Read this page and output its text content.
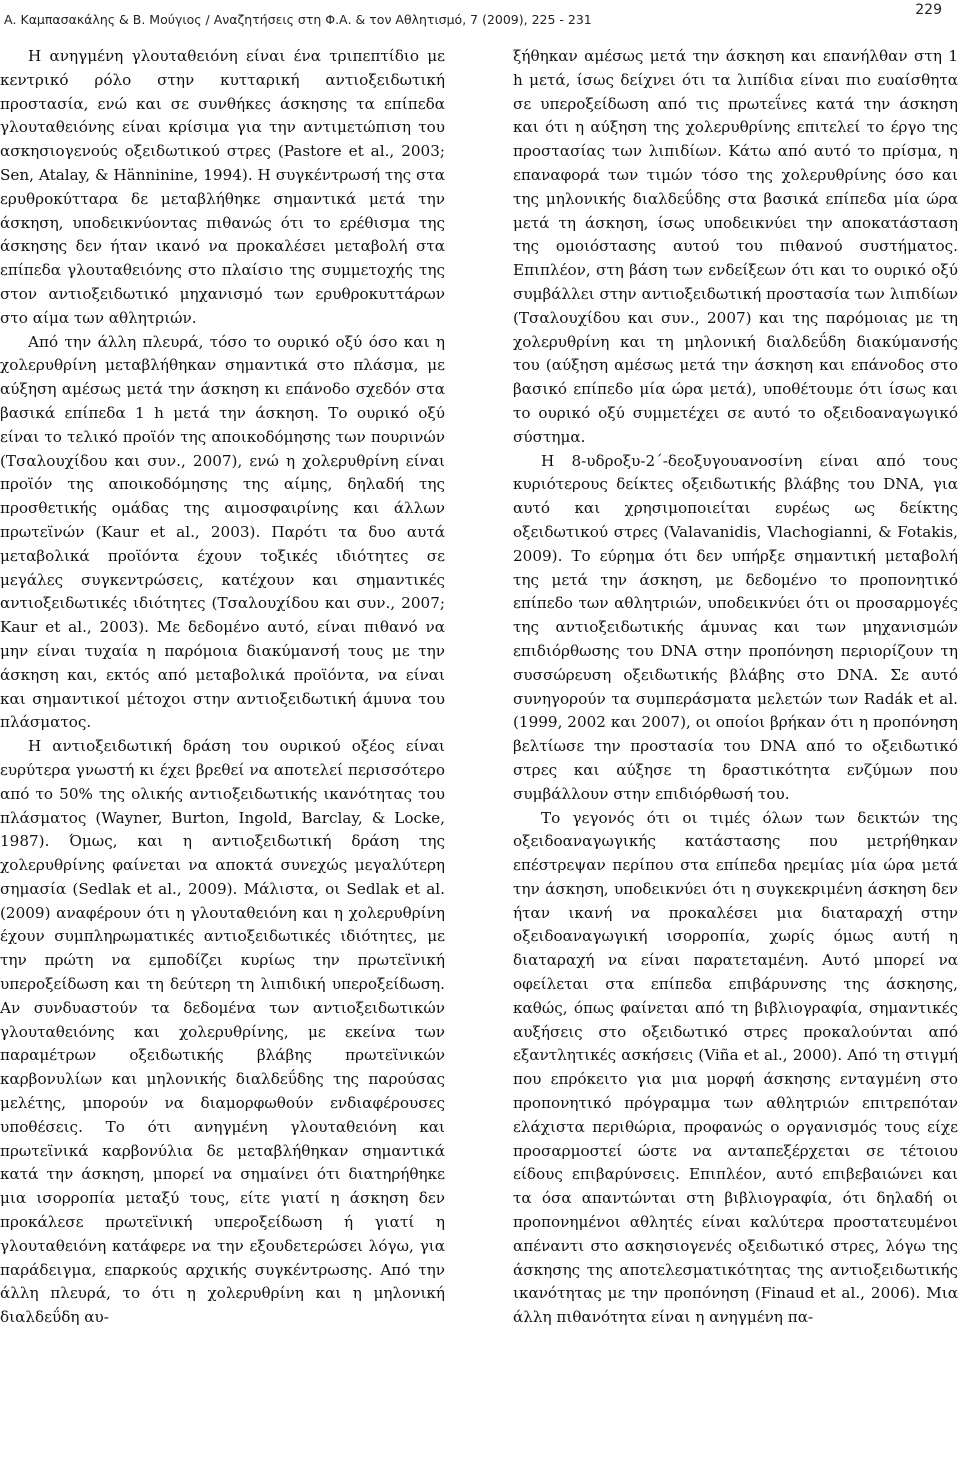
Α. Καμπασακάλης & Β. Μούγιος / Αναζητήσεις στη Φ.Α. & τον Αθλητισμό, 7 (2009), 225 - 231
229

Η ανηγμένη γλουταθειόνη είναι ένα τριπεπτίδιο με κεντρικό ρόλο στην κυτταρική αντιοξειδωτική προστασία, ενώ και σε συνθήκες άσκησης τα επίπεδα γλουταθειόνης είναι κρίσιμα για την αντιμετώπιση του ασκησιογενούς οξειδωτικού στρες (Pastore et al., 2003; Sen, Atalay, & Hänninine, 1994). Η συγκέντρωσή της στα ερυθροκύτταρα δε μεταβλήθηκε σημαντικά μετά την άσκηση, υποδεικνύοντας πιθανώς ότι το ερέθισμα της άσκησης δεν ήταν ικανό να προκαλέσει μεταβολή στα επίπεδα γλουταθειόνης στο πλαίσιο της συμμετοχής της στον αντιοξειδωτικό μηχανισμό των ερυθροκυττάρων στο αίμα των αθλητριών.

Από την άλλη πλευρά, τόσο το ουρικό οξύ όσο και η χολερυθρίνη μεταβλήθηκαν σημαντικά στο πλάσμα, με αύξηση αμέσως μετά την άσκηση κι επάνοδο σχεδόν στα βασικά επίπεδα 1 h μετά την άσκηση. Το ουρικό οξύ είναι το τελικό προϊόν της αποικοδόμησης των πουρινών (Τσαλουχίδου και συν., 2007), ενώ η χολερυθρίνη είναι προϊόν της αποικοδόμησης της αίμης, δηλαδή της προσθετικής ομάδας της αιμοσφαιρίνης και άλλων πρωτεϊνών (Kaur et al., 2003). Παρότι τα δυο αυτά μεταβολικά προϊόντα έχουν τοξικές ιδιότητες σε μεγάλες συγκεντρώσεις, κατέχουν και σημαντικές αντιοξειδωτικές ιδιότητες (Τσαλουχίδου και συν., 2007; Kaur et al., 2003). Με δεδομένο αυτό, είναι πιθανό να μην είναι τυχαία η παρόμοια διακύμανσή τους με την άσκηση και, εκτός από μεταβολικά προϊόντα, να είναι και σημαντικοί μέτοχοι στην αντιοξειδωτική άμυνα του πλάσματος.

Η αντιοξειδωτική δράση του ουρικού οξέος είναι ευρύτερα γνωστή κι έχει βρεθεί να αποτελεί περισσότερο από το 50% της ολικής αντιοξειδωτικής ικανότητας του πλάσματος (Wayner, Burton, Ingold, Barclay, & Locke, 1987). Όμως, και η αντιοξειδωτική δράση της χολερυθρίνης φαίνεται να αποκτά συνεχώς μεγαλύτερη σημασία (Sedlak et al., 2009). Μάλιστα, οι Sedlak et al. (2009) αναφέρουν ότι η γλουταθειόνη και η χολερυθρίνη έχουν συμπληρωματικές αντιοξειδωτικές ιδιότητες, με την πρώτη να εμποδίζει κυρίως την πρωτεϊνική υπεροξείδωση και τη δεύτερη τη λιπιδική υπεροξείδωση. Αν συνδυαστούν τα δεδομένα των αντιοξειδωτικών γλουταθειόνης και χολερυθρίνης, με εκείνα των παραμέτρων οξειδωτικής βλάβης πρωτεϊνικών καρβονυλίων και μηλονικής διαλδεΰδης της παρούσας μελέτης, μπορούν να διαμορφωθούν ενδιαφέρουσες υποθέσεις. Το ότι ανηγμένη γλουταθειόνη και πρωτεϊνικά καρβονύλια δε μεταβλήθηκαν σημαντικά κατά την άσκηση, μπορεί να σημαίνει ότι διατηρήθηκε μια ισορροπία μεταξύ τους, είτε γιατί η άσκηση δεν προκάλεσε πρωτεϊνική υπεροξείδωση ή γιατί η γλουταθειόνη κατάφερε να την εξουδετερώσει λόγω, για παράδειγμα, επαρκούς αρχικής συγκέντρωσης. Από την άλλη πλευρά, το ότι η χολερυθρίνη και η μηλονική διαλδεΰδη αυ-

ξήθηκαν αμέσως μετά την άσκηση και επανήλθαν στη 1 h μετά, ίσως δείχνει ότι τα λιπίδια είναι πιο ευαίσθητα σε υπεροξείδωση από τις πρωτεΐνες κατά την άσκηση και ότι η αύξηση της χολερυθρίνης επιτελεί το έργο της προστασίας των λιπιδίων. Κάτω από αυτό το πρίσμα, η επαναφορά των τιμών τόσο της χολερυθρίνης όσο και της μηλονικής διαλδεΰδης στα βασικά επίπεδα μία ώρα μετά τη άσκηση, ίσως υποδεικνύει την αποκατάσταση της ομοιόστασης αυτού του πιθανού συστήματος. Επιπλέον, στη βάση των ενδείξεων ότι και το ουρικό οξύ συμβάλλει στην αντιοξειδωτική προστασία των λιπιδίων (Τσαλουχίδου και συν., 2007) και της παρόμοιας με τη χολερυθρίνη και τη μηλονική διαλδεΰδη διακύμανσής του (αύξηση αμέσως μετά την άσκηση και επάνοδος στο βασικό επίπεδο μία ώρα μετά), υποθέτουμε ότι ίσως και το ουρικό οξύ συμμετέχει σε αυτό το οξειδοαναγωγικό σύστημα.

Η 8-υδροξυ-2΄-δεοξυγουανοσίνη είναι από τους κυριότερους δείκτες οξειδωτικής βλάβης του DNA, για αυτό και χρησιμοποιείται ευρέως ως δείκτης οξειδωτικού στρες (Valavanidis, Vlachogianni, & Fotakis, 2009). Το εύρημα ότι δεν υπήρξε σημαντική μεταβολή της μετά την άσκηση, με δεδομένο το προπονητικό επίπεδο των αθλητριών, υποδεικνύει ότι οι προσαρμογές της αντιοξειδωτικής άμυνας και των μηχανισμών επιδιόρθωσης του DNA στην προπόνηση περιορίζουν τη συσσώρευση οξειδωτικής βλάβης στο DNA. Σε αυτό συνηγορούν τα συμπεράσματα μελετών των Radák et al. (1999, 2002 και 2007), οι οποίοι βρήκαν ότι η προπόνηση βελτίωσε την προστασία του DNA από το οξειδωτικό στρες και αύξησε τη δραστικότητα ενζύμων που συμβάλλουν στην επιδιόρθωσή του.

Το γεγονός ότι οι τιμές όλων των δεικτών της οξειδοαναγωγικής κατάστασης που μετρήθηκαν επέστρεψαν περίπου στα επίπεδα ηρεμίας μία ώρα μετά την άσκηση, υποδεικνύει ότι η συγκεκριμένη άσκηση δεν ήταν ικανή να προκαλέσει μια διαταραχή στην οξειδοαναγωγική ισορροπία, χωρίς όμως αυτή η διαταραχή να είναι παρατεταμένη. Αυτό μπορεί να οφείλεται στα επίπεδα επιβάρυνσης της άσκησης, καθώς, όπως φαίνεται από τη βιβλιογραφία, σημαντικές αυξήσεις στο οξειδωτικό στρες προκαλούνται από εξαντλητικές ασκήσεις (Viña et al., 2000). Από τη στιγμή που επρόκειτο για μια μορφή άσκησης ενταγμένη στο προπονητικό πρόγραμμα των αθλητριών επιτρεπόταν ελάχιστα περιθώρια, προφανώς ο οργανισμός τους είχε προσαρμοστεί ώστε να ανταπεξέρχεται σε τέτοιου είδους επιβαρύνσεις. Επιπλέον, αυτό επιβεβαιώνει και τα όσα απαντώνται στη βιβλιογραφία, ότι δηλαδή οι προπονημένοι αθλητές είναι καλύτερα προστατευμένοι απέναντι στο ασκησιογενές οξειδωτικό στρες, λόγω της άσκησης της αποτελεσματικότητας της αντιοξειδωτικής ικανότητας με την προπόνηση (Finaud et al., 2006). Μια άλλη πιθανότητα είναι η ανηγμένη πα-
